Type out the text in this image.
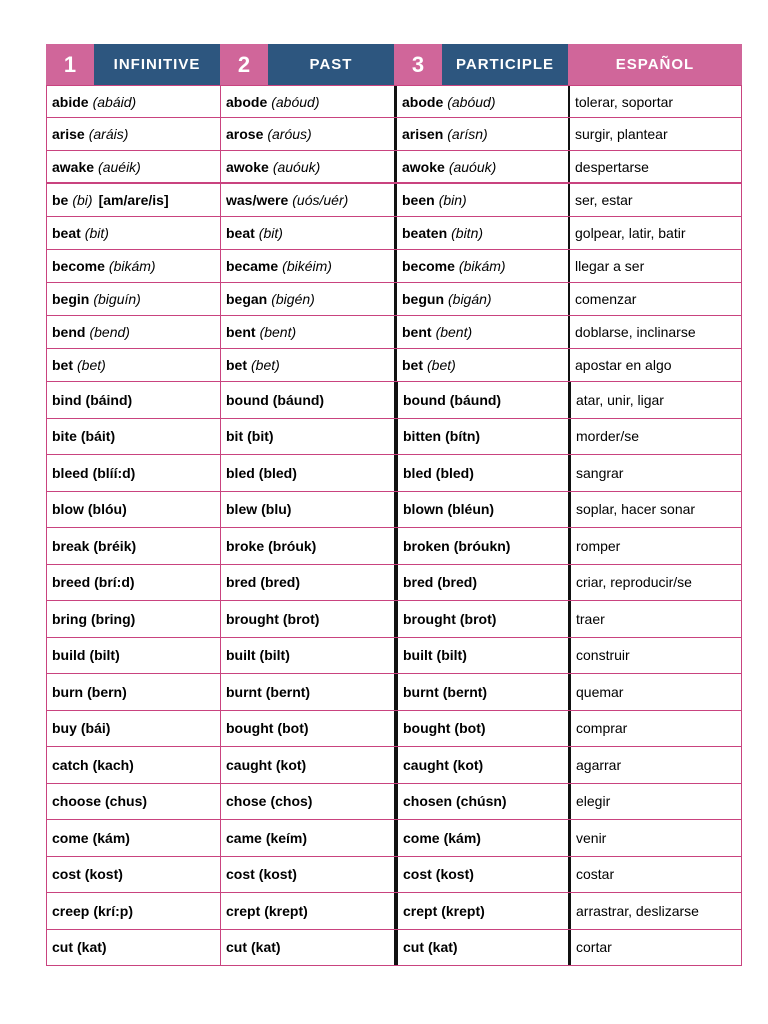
1	INFINITIVE	2	PAST	3	PARTICIPLE	ESPAÑOL
abide (abáid)	abode (abóud)	abode (abóud)	tolerar, soportar
arise (aráis)	arose (aróus)	arisen (arísn)	surgir, plantear
awake (auéik)	awoke (auóuk)	awoke (auóuk)	despertarse
be (bi) [am/are/is]	was/were (uós/uér)	been (bin)	ser, estar
beat (bit)	beat (bit)	beaten (bitn)	golpear, latir, batir
become (bikám)	became (bikéim)	become (bikám)	llegar a ser
begin (biguín)	began (bigén)	begun (bigán)	comenzar
bend (bend)	bent (bent)	bent (bent)	doblarse, inclinarse
bet (bet)	bet (bet)	bet (bet)	apostar en algo
bind (báind)	bound (báund)	bound (báund)	atar, unir, ligar
bite (báit)	bit (bit)	bitten (bítn)	morder/se
bleed (blíí:d)	bled (bled)	bled (bled)	sangrar
blow (blóu)	blew (blu)	blown (bléun)	soplar, hacer sonar
break (bréik)	broke (bróuk)	broken (bróukn)	romper
breed (brí:d)	bred (bred)	bred (bred)	criar, reproducir/se
bring (bring)	brought (brot)	brought (brot)	traer
build (bilt)	built (bilt)	built (bilt)	construir
burn (bern)	burnt (bernt)	burnt (bernt)	quemar
buy (bái)	bought (bot)	bought (bot)	comprar
catch (kach)	caught (kot)	caught (kot)	agarrar
choose (chus)	chose (chos)	chosen (chúsn)	elegir
come (kám)	came (keím)	come (kám)	venir
cost (kost)	cost (kost)	cost (kost)	costar
creep (krí:p)	crept (krept)	crept (krept)	arrastrar, deslizarse
cut (kat)	cut (kat)	cut (kat)	cortar
